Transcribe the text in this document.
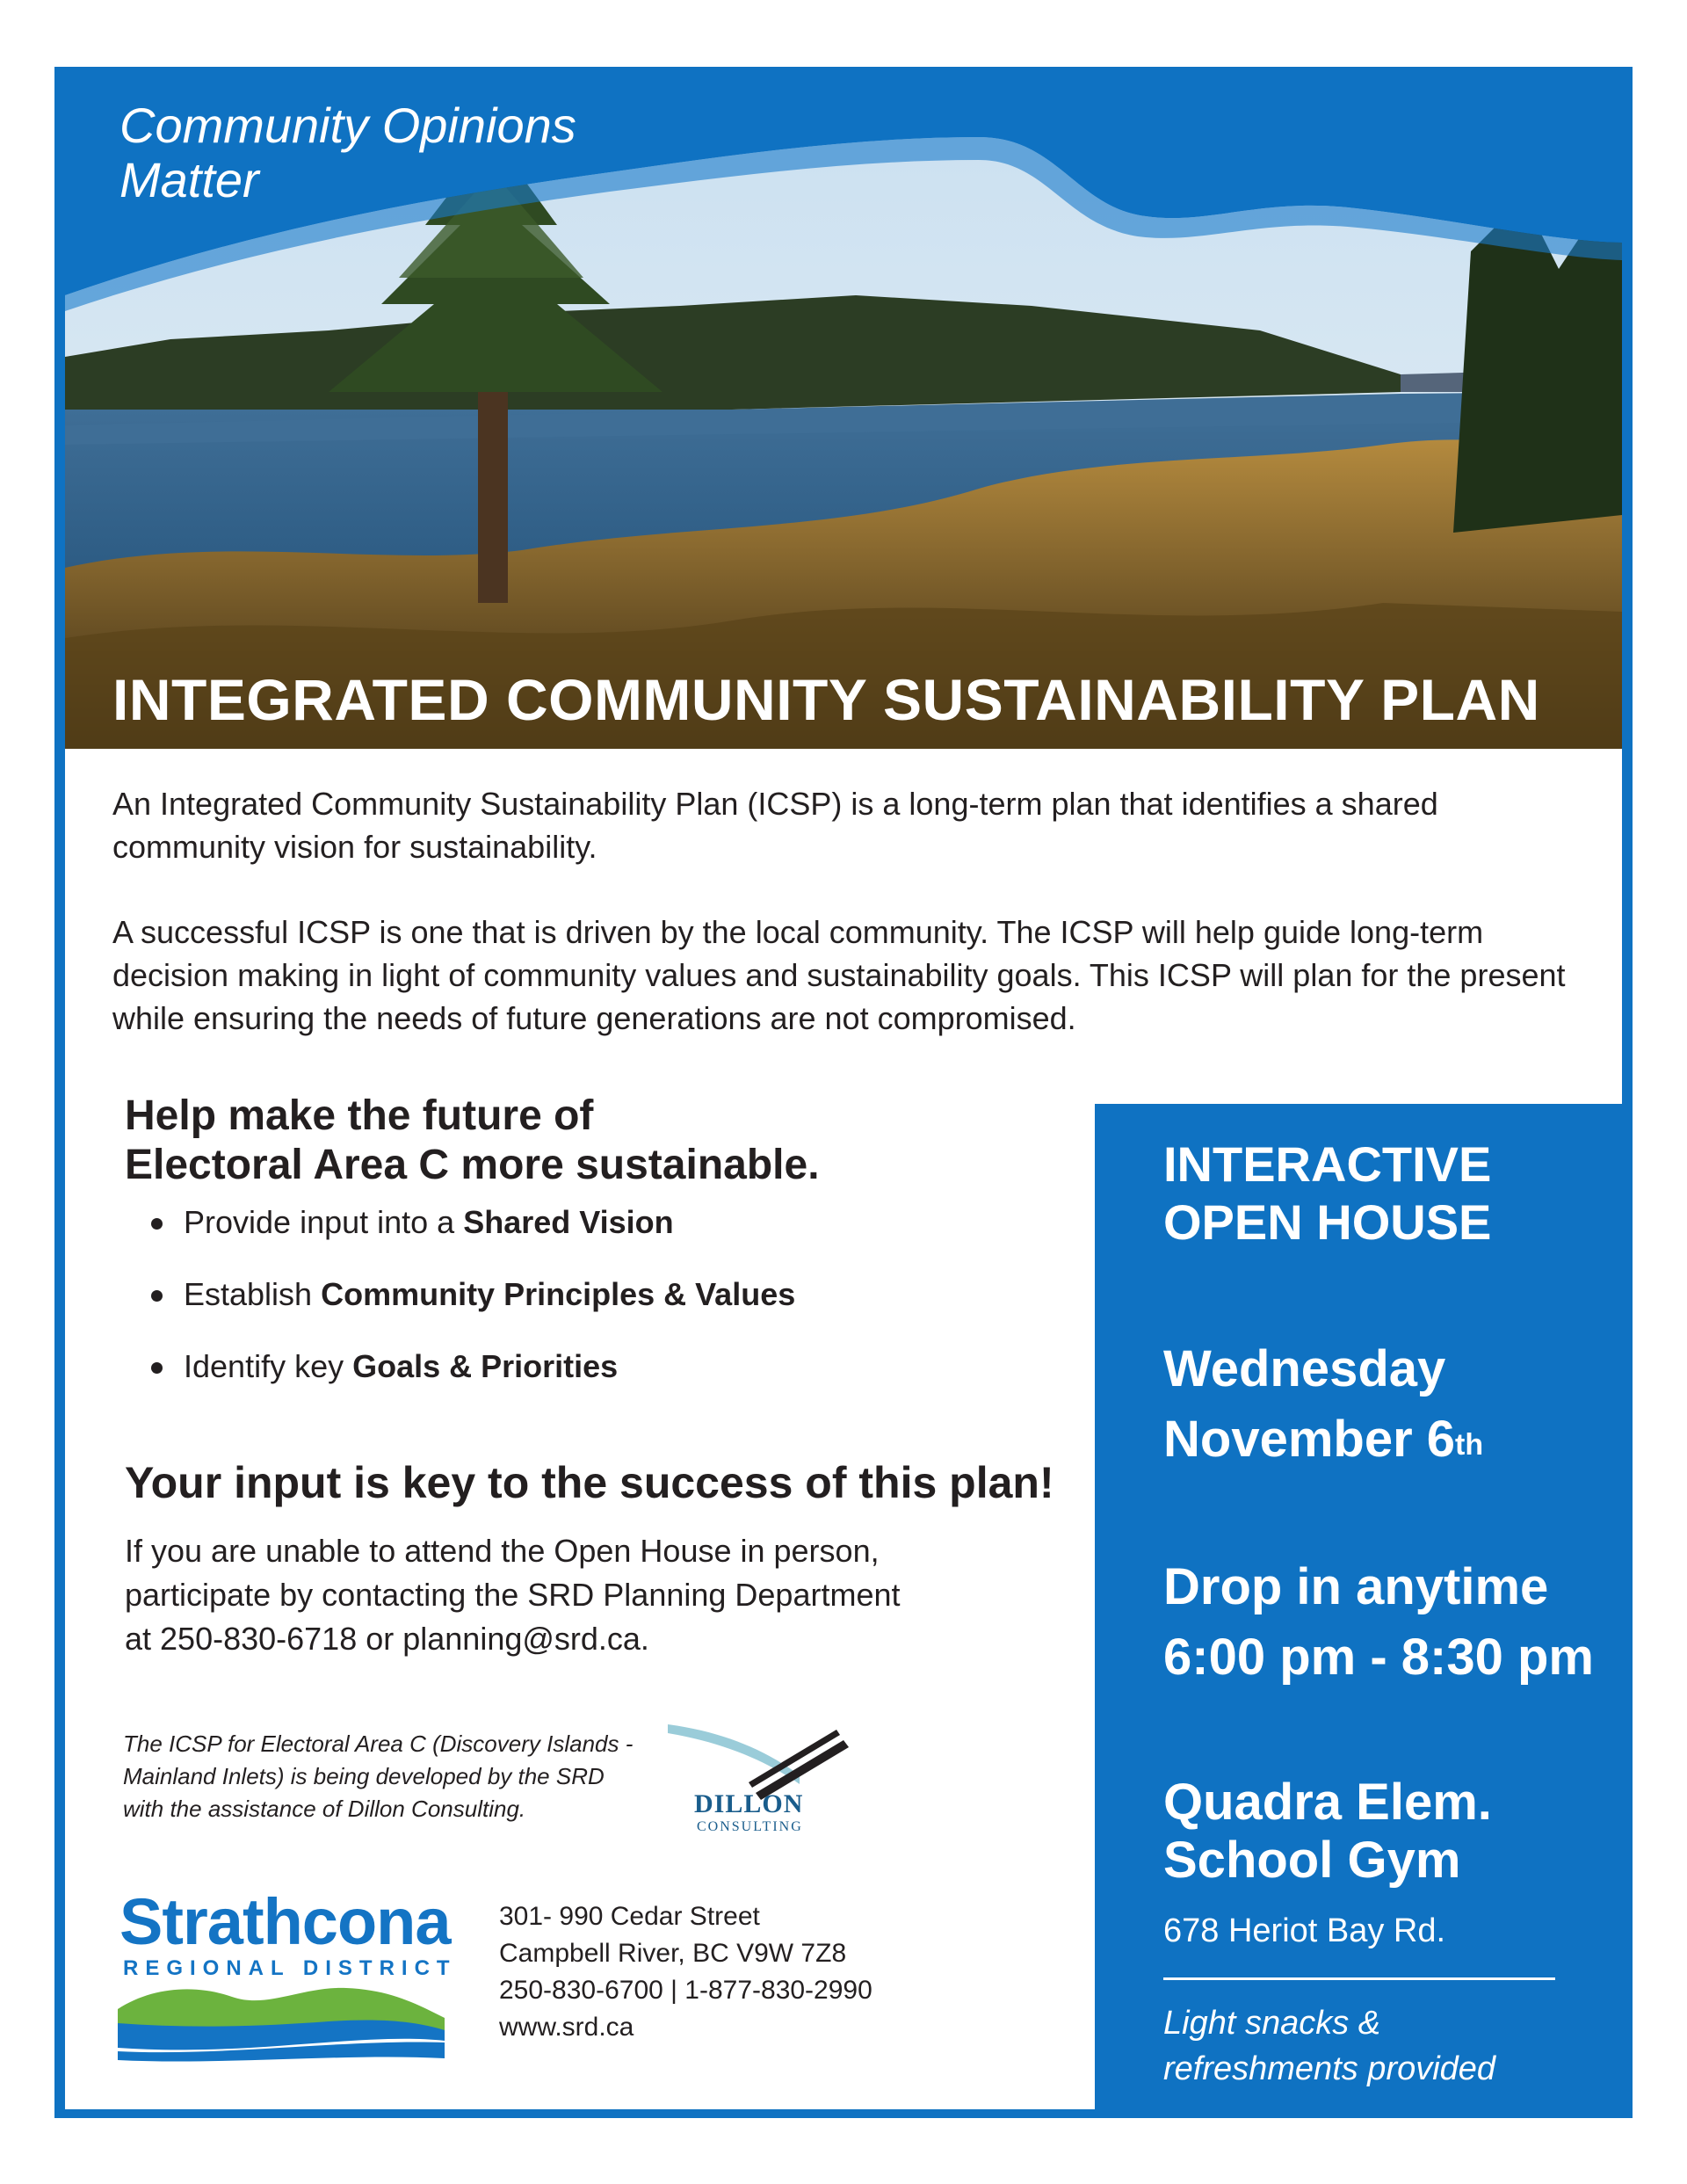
Community Opinions
Matter
INTEGRATED COMMUNITY SUSTAINABILITY PLAN

An Integrated Community Sustainability Plan (ICSP) is a long-term plan that identifies a shared community vision for sustainability.

A successful ICSP is one that is driven by the local community. The ICSP will help guide long-term decision making in light of community values and sustainability goals. This ICSP will plan for the present while ensuring the needs of future generations are not compromised.

Help make the future of
Electoral Area C more sustainable.
Provide input into a Shared Vision
Establish Community Principles & Values
Identify key Goals & Priorities
Your input is key to the success of this plan!
If you are unable to attend the Open House in person,
participate by contacting the SRD Planning Department
at 250-830-6718 or planning@srd.ca.
The ICSP for Electoral Area C (Discovery Islands -
Mainland Inlets) is being developed by the SRD
with the assistance of Dillon Consulting.	DILLON
CONSULTING
Strathcona
REGIONAL DISTRICT
301- 990 Cedar Street
Campbell River, BC V9W 7Z8
250-830-6700 | 1-877-830-2990
www.srd.ca
INTERACTIVE
OPEN HOUSE
Wednesday
November 6th
Drop in anytime
6:00 pm - 8:30 pm
Quadra Elem.
School Gym
678 Heriot Bay Rd.
Light snacks &
refreshments provided
